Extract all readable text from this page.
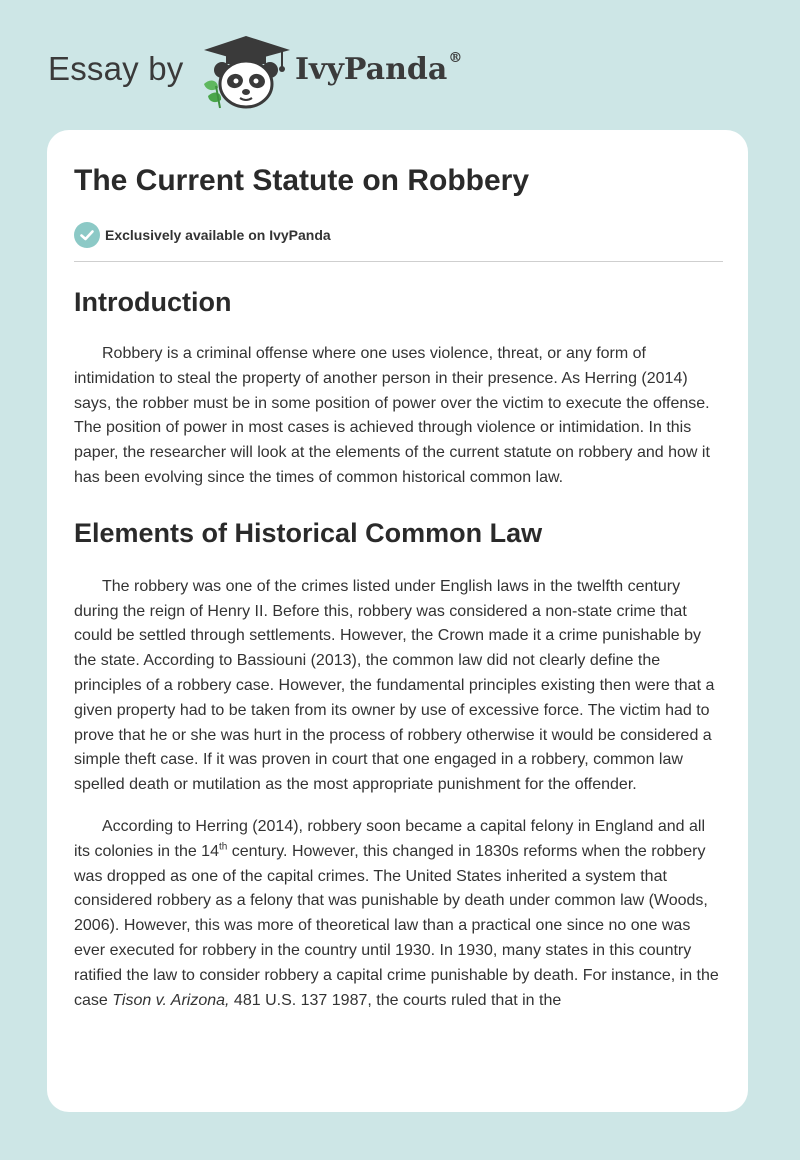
Essay by	IvyPanda®
The Current Statute on Robbery
Exclusively available on IvyPanda
Introduction

Robbery is a criminal offense where one uses violence, threat, or any form of intimidation to steal the property of another person in their presence. As Herring (2014) says, the robber must be in some position of power over the victim to execute the offense. The position of power in most cases is achieved through violence or intimidation. In this paper, the researcher will look at the elements of the current statute on robbery and how it has been evolving since the times of common historical common law.

Elements of Historical Common Law

The robbery was one of the crimes listed under English laws in the twelfth century during the reign of Henry II. Before this, robbery was considered a non-state crime that could be settled through settlements. However, the Crown made it a crime punishable by the state. According to Bassiouni (2013), the common law did not clearly define the principles of a robbery case. However, the fundamental principles existing then were that a given property had to be taken from its owner by use of excessive force. The victim had to prove that he or she was hurt in the process of robbery otherwise it would be considered a simple theft case. If it was proven in court that one engaged in a robbery, common law spelled death or mutilation as the most appropriate punishment for the offender.

According to Herring (2014), robbery soon became a capital felony in England and all its colonies in the 14th century. However, this changed in 1830s reforms when the robbery was dropped as one of the capital crimes. The United States inherited a system that considered robbery as a felony that was punishable by death under common law (Woods, 2006). However, this was more of theoretical law than a practical one since no one was ever executed for robbery in the country until 1930. In 1930, many states in this country ratified the law to consider robbery a capital crime punishable by death. For instance, in the case Tison v. Arizona, 481 U.S. 137 1987, the courts ruled that in the
